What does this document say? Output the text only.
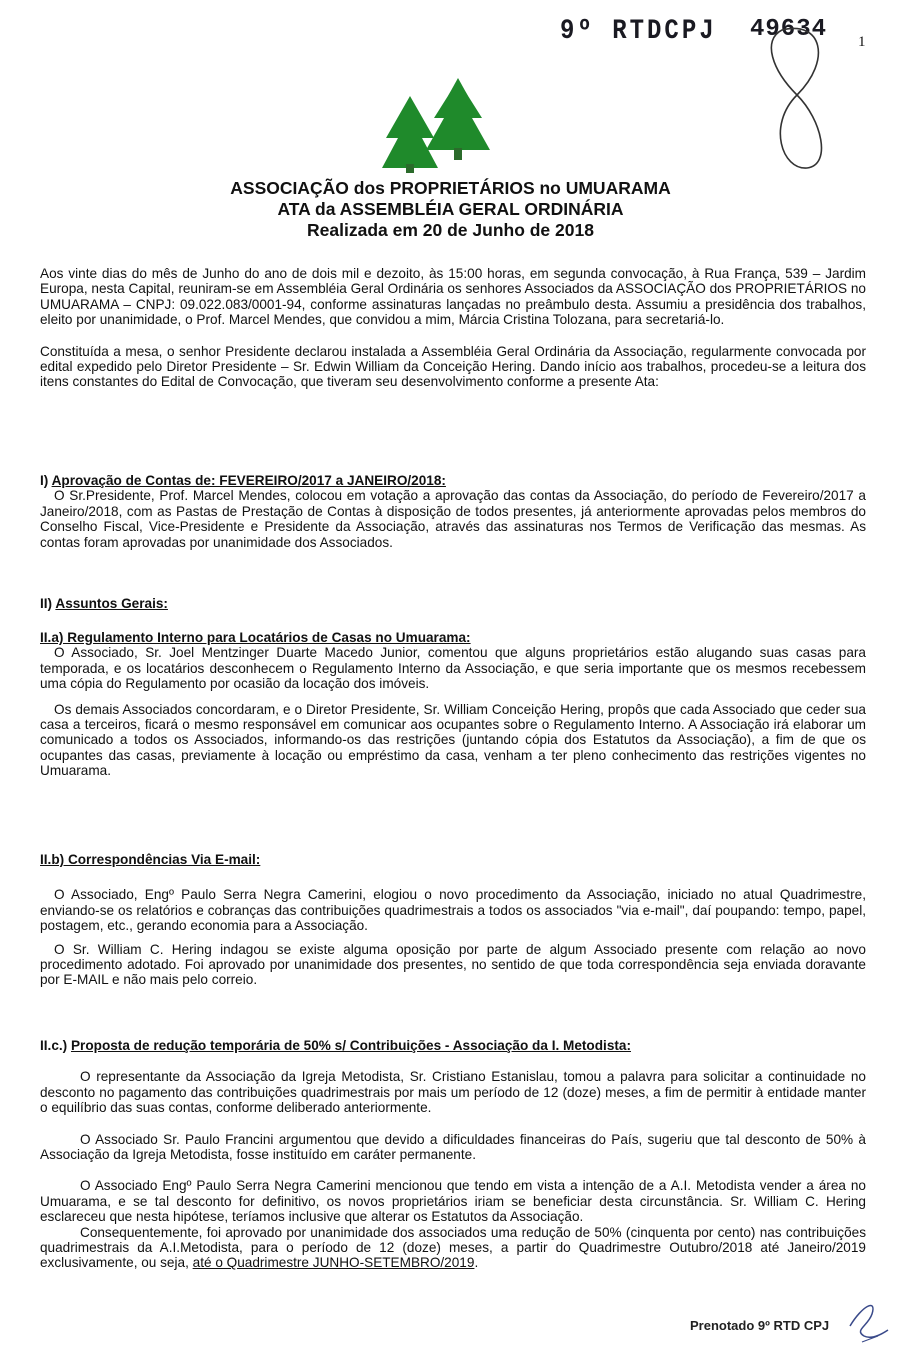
9º RTDCPJ 49634 1
ASSOCIAÇÃO dos PROPRIETÁRIOS no UMUARAMA
ATA da ASSEMBLÉIA GERAL ORDINÁRIA
Realizada em 20 de Junho de 2018

Aos vinte dias do mês de Junho do ano de dois mil e dezoito, às 15:00 horas, em segunda convocação, à Rua França, 539 – Jardim Europa, nesta Capital, reuniram-se em Assembléia Geral Ordinária os senhores Associados da ASSOCIAÇÃO dos PROPRIETÁRIOS no UMUARAMA – CNPJ: 09.022.083/0001-94, conforme assinaturas lançadas no preâmbulo desta. Assumiu a presidência dos trabalhos, eleito por unanimidade, o Prof. Marcel Mendes, que convidou a mim, Márcia Cristina Tolozana, para secretariá-lo.

Constituída a mesa, o senhor Presidente declarou instalada a Assembléia Geral Ordinária da Associação, regularmente convocada por edital expedido pelo Diretor Presidente – Sr. Edwin William da Conceição Hering. Dando início aos trabalhos, procedeu-se a leitura dos itens constantes do Edital de Convocação, que tiveram seu desenvolvimento conforme a presente Ata:

I) Aprovação de Contas de: FEVEREIRO/2017 a JANEIRO/2018:

O Sr.Presidente, Prof. Marcel Mendes, colocou em votação a aprovação das contas da Associação, do período de Fevereiro/2017 a Janeiro/2018, com as Pastas de Prestação de Contas à disposição de todos presentes, já anteriormente aprovadas pelos membros do Conselho Fiscal, Vice-Presidente e Presidente da Associação, através das assinaturas nos Termos de Verificação das mesmas. As contas foram aprovadas por unanimidade dos Associados.

II) Assuntos Gerais:
II.a) Regulamento Interno para Locatários de Casas no Umuarama:

O Associado, Sr. Joel Mentzinger Duarte Macedo Junior, comentou que alguns proprietários estão alugando suas casas para temporada, e os locatários desconhecem o Regulamento Interno da Associação, e que seria importante que os mesmos recebessem uma cópia do Regulamento por ocasião da locação dos imóveis.

Os demais Associados concordaram, e o Diretor Presidente, Sr. William Conceição Hering, propôs que cada Associado que ceder sua casa a terceiros, ficará o mesmo responsável em comunicar aos ocupantes sobre o Regulamento Interno. A Associação irá elaborar um comunicado a todos os Associados, informando-os das restrições (juntando cópia dos Estatutos da Associação), a fim de que os ocupantes das casas, previamente à locação ou empréstimo da casa, venham a ter pleno conhecimento das restrições vigentes no Umuarama.

II.b) Correspondências Via E-mail:

O Associado, Engº Paulo Serra Negra Camerini, elogiou o novo procedimento da Associação, iniciado no atual Quadrimestre, enviando-se os relatórios e cobranças das contribuições quadrimestrais a todos os associados "via e-mail", daí poupando: tempo, papel, postagem, etc., gerando economia para a Associação.

O Sr. William C. Hering indagou se existe alguma oposição por parte de algum Associado presente com relação ao novo procedimento adotado. Foi aprovado por unanimidade dos presentes, no sentido de que toda correspondência seja enviada doravante por E-MAIL e não mais pelo correio.

II.c.) Proposta de redução temporária de 50% s/ Contribuições - Associação da I. Metodista:

O representante da Associação da Igreja Metodista, Sr. Cristiano Estanislau, tomou a palavra para solicitar a continuidade no desconto no pagamento das contribuições quadrimestrais por mais um período de 12 (doze) meses, a fim de permitir à entidade manter o equilíbrio das suas contas, conforme deliberado anteriormente.

O Associado Sr. Paulo Francini argumentou que devido a dificuldades financeiras do País, sugeriu que tal desconto de 50% à Associação da Igreja Metodista, fosse instituído em caráter permanente.

O Associado Engº Paulo Serra Negra Camerini mencionou que tendo em vista a intenção de a A.I. Metodista vender a área no Umuarama, e se tal desconto for definitivo, os novos proprietários iriam se beneficiar desta circunstância. Sr. William C. Hering esclareceu que nesta hipótese, teríamos inclusive que alterar os Estatutos da Associação.

Consequentemente, foi aprovado por unanimidade dos associados uma redução de 50% (cinquenta por cento) nas contribuições quadrimestrais da A.I.Metodista, para o período de 12 (doze) meses, a partir do Quadrimestre Outubro/2018 até Janeiro/2019 exclusivamente, ou seja, até o Quadrimestre JUNHO-SETEMBRO/2019.

Prenotado 9º RTD CPJ
